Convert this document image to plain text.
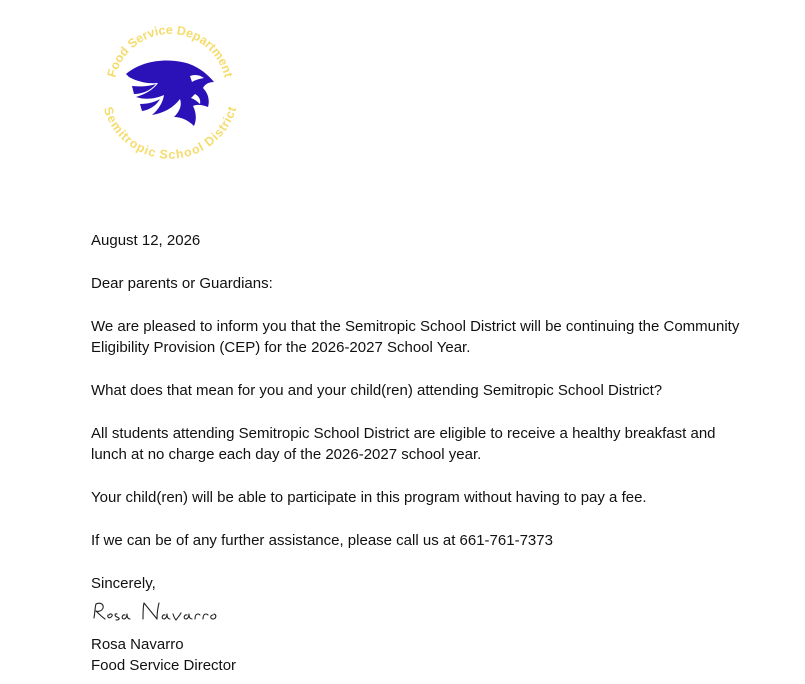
Food Service Department
Semitropic School District

August 12, 2026

Dear parents or Guardians:

We are pleased to inform you that the Semitropic School District will be continuing the Community Eligibility Provision (CEP) for the 2026-2027 School Year.

What does that mean for you and your child(ren) attending Semitropic School District?

All students attending Semitropic School District are eligible to receive a healthy breakfast and lunch at no charge each day of the 2026-2027 school year.

Your child(ren) will be able to participate in this program without having to pay a fee.

If we can be of any further assistance, please call us at 661-761-7373

Sincerely,

Rosa Navarro
Food Service Director
